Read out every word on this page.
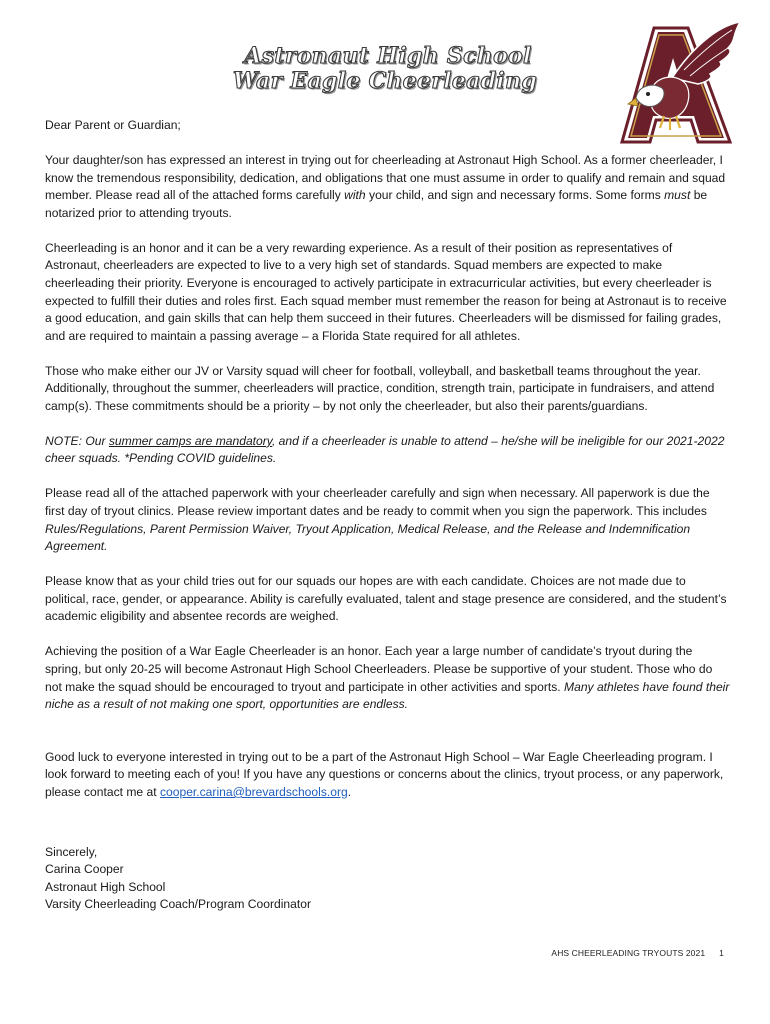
Astronaut High School
War Eagle Cheerleading

Dear Parent or Guardian;

Your daughter/son has expressed an interest in trying out for cheerleading at Astronaut High School. As a former cheerleader, I know the tremendous responsibility, dedication, and obligations that one must assume in order to qualify and remain and squad member. Please read all of the attached forms carefully with your child, and sign and necessary forms. Some forms must be notarized prior to attending tryouts.

Cheerleading is an honor and it can be a very rewarding experience. As a result of their position as representatives of Astronaut, cheerleaders are expected to live to a very high set of standards. Squad members are expected to make cheerleading their priority. Everyone is encouraged to actively participate in extracurricular activities, but every cheerleader is expected to fulfill their duties and roles first. Each squad member must remember the reason for being at Astronaut is to receive a good education, and gain skills that can help them succeed in their futures. Cheerleaders will be dismissed for failing grades, and are required to maintain a passing average – a Florida State required for all athletes.

Those who make either our JV or Varsity squad will cheer for football, volleyball, and basketball teams throughout the year. Additionally, throughout the summer, cheerleaders will practice, condition, strength train, participate in fundraisers, and attend camp(s). These commitments should be a priority – by not only the cheerleader, but also their parents/guardians.

NOTE: Our summer camps are mandatory, and if a cheerleader is unable to attend – he/she will be ineligible for our 2021-2022 cheer squads. *Pending COVID guidelines.

Please read all of the attached paperwork with your cheerleader carefully and sign when necessary. All paperwork is due the first day of tryout clinics. Please review important dates and be ready to commit when you sign the paperwork. This includes Rules/Regulations, Parent Permission Waiver, Tryout Application, Medical Release, and the Release and Indemnification Agreement.

Please know that as your child tries out for our squads our hopes are with each candidate. Choices are not made due to political, race, gender, or appearance. Ability is carefully evaluated, talent and stage presence are considered, and the student’s academic eligibility and absentee records are weighed.

Achieving the position of a War Eagle Cheerleader is an honor. Each year a large number of candidate’s tryout during the spring, but only 20-25 will become Astronaut High School Cheerleaders. Please be supportive of your student. Those who do not make the squad should be encouraged to tryout and participate in other activities and sports. Many athletes have found their niche as a result of not making one sport, opportunities are endless.

Good luck to everyone interested in trying out to be a part of the Astronaut High School – War Eagle Cheerleading program. I look forward to meeting each of you! If you have any questions or concerns about the clinics, tryout process, or any paperwork, please contact me at cooper.carina@brevardschools.org.

Sincerely,
Carina Cooper
Astronaut High School
Varsity Cheerleading Coach/Program Coordinator
AHS CHEERLEADING TRYOUTS 2021 1
